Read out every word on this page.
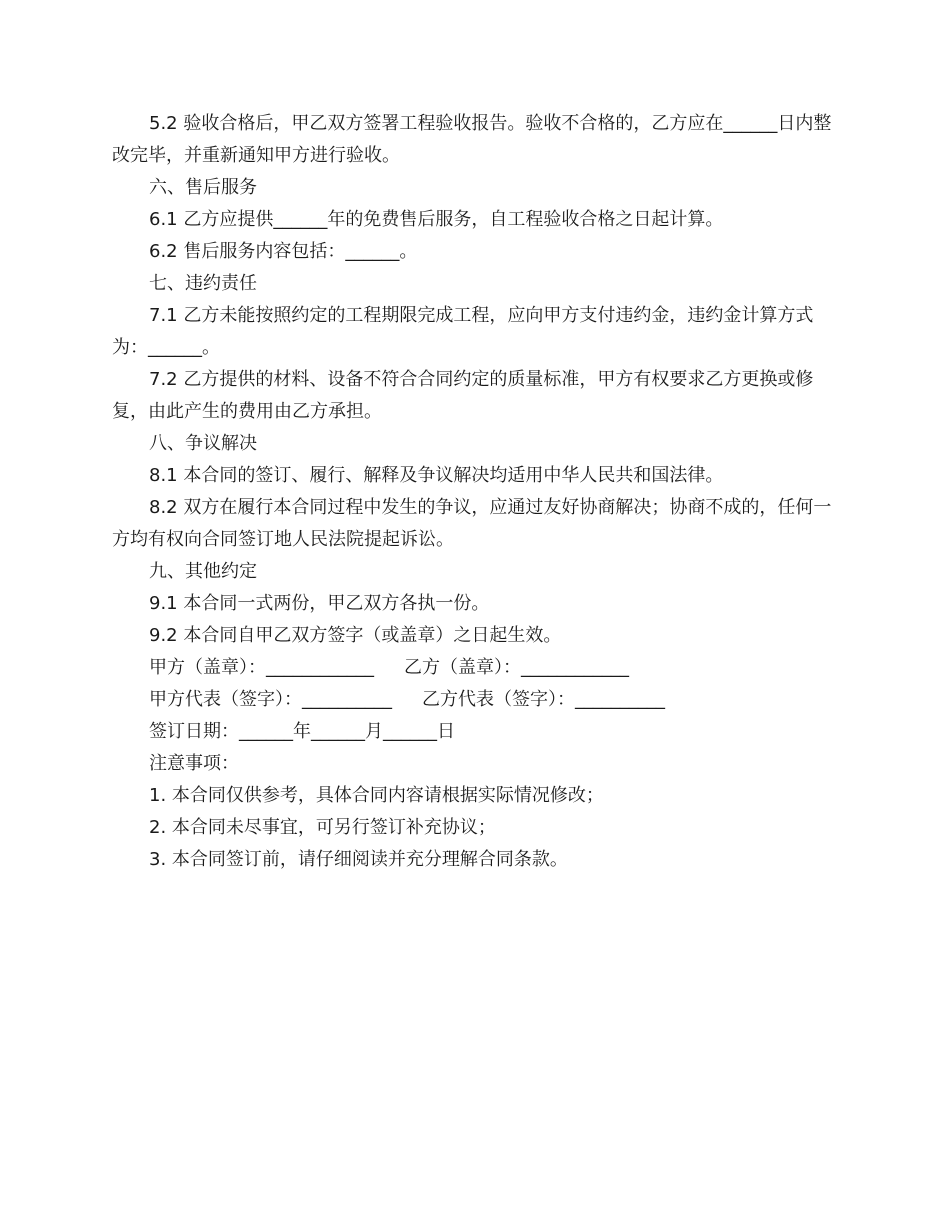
5.2 验收合格后，甲乙双方签署工程验收报告。验收不合格的，乙方应在______日内整改完毕，并重新通知甲方进行验收。

六、售后服务

6.1 乙方应提供______年的免费售后服务，自工程验收合格之日起计算。

6.2 售后服务内容包括：______。

七、违约责任

7.1 乙方未能按照约定的工程期限完成工程，应向甲方支付违约金，违约金计算方式为：______。

7.2 乙方提供的材料、设备不符合合同约定的质量标准，甲方有权要求乙方更换或修复，由此产生的费用由乙方承担。

八、争议解决

8.1 本合同的签订、履行、解释及争议解决均适用中华人民共和国法律。

8.2 双方在履行本合同过程中发生的争议，应通过友好协商解决；协商不成的，任何一方均有权向合同签订地人民法院提起诉讼。

九、其他约定

9.1 本合同一式两份，甲乙双方各执一份。

9.2 本合同自甲乙双方签字（或盖章）之日起生效。

甲方（盖章）：____________ 乙方（盖章）：____________

甲方代表（签字）：__________ 乙方代表（签字）：__________

签订日期：______年______月______日

注意事项：

1. 本合同仅供参考，具体合同内容请根据实际情况修改；

2. 本合同未尽事宜，可另行签订补充协议；

3. 本合同签订前，请仔细阅读并充分理解合同条款。
